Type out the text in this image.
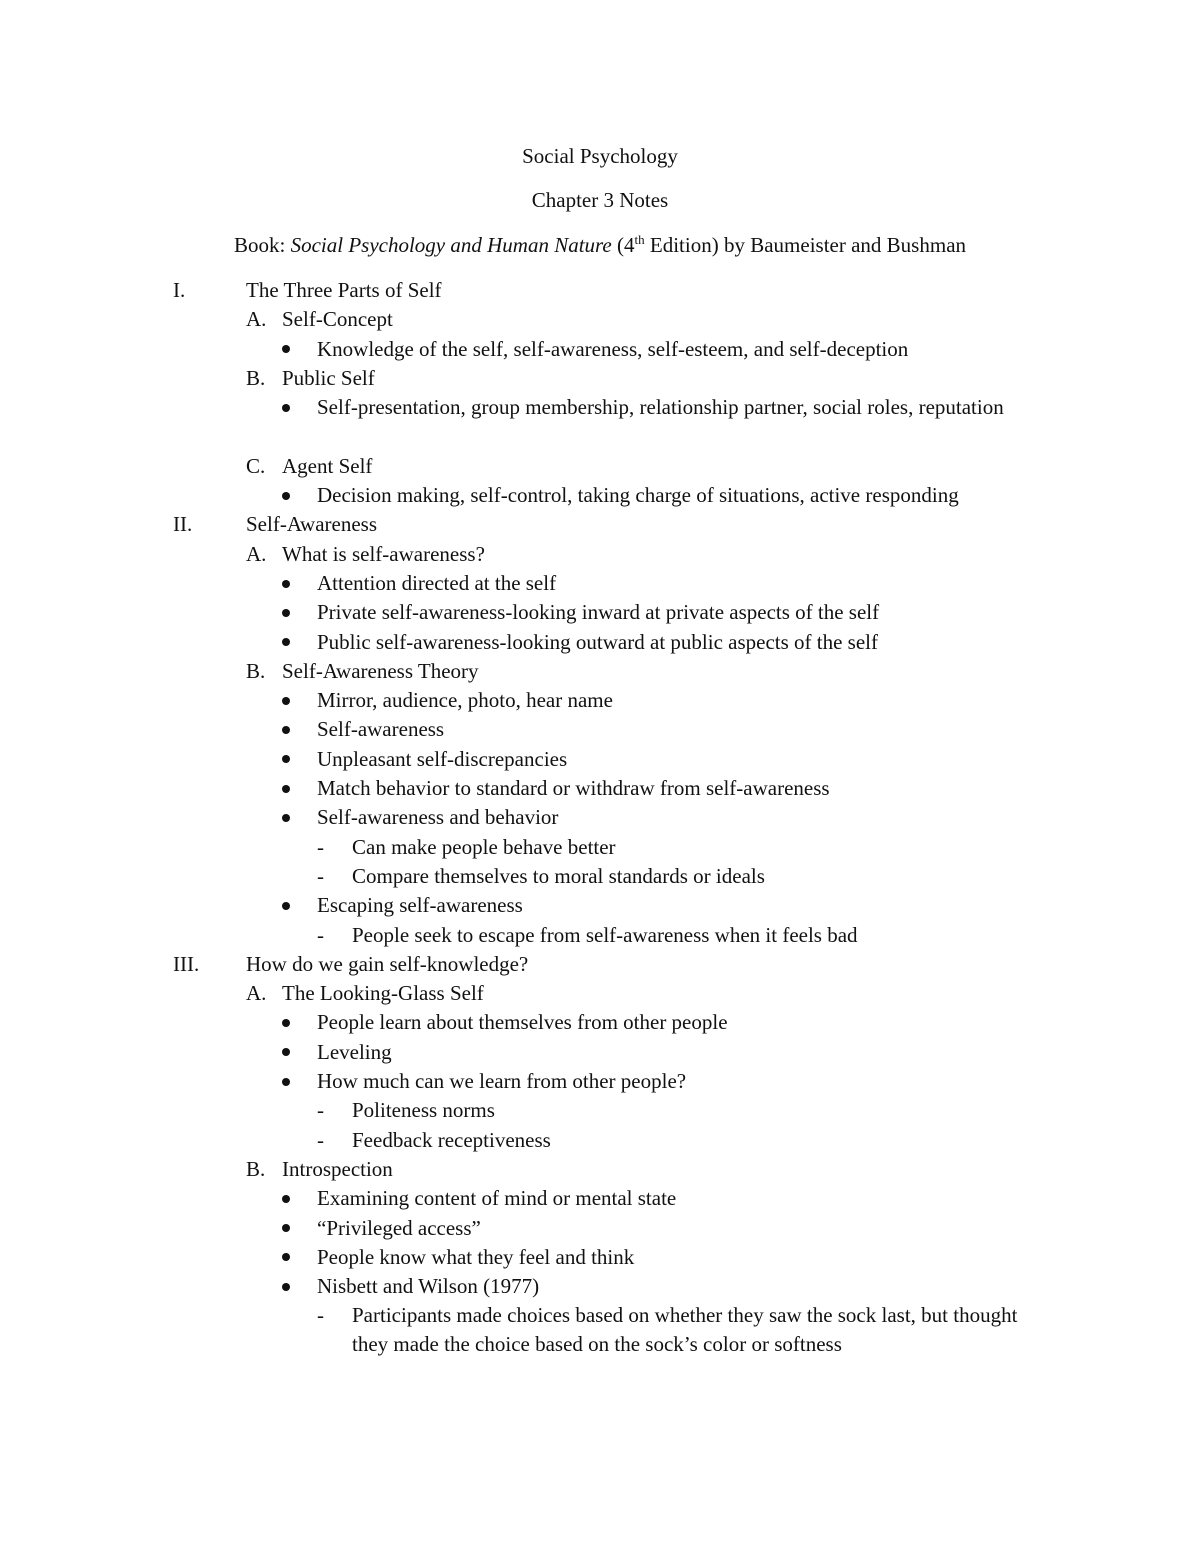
Social Psychology
Chapter 3 Notes
Book: Social Psychology and Human Nature (4th Edition) by Baumeister and Bushman
I.	The Three Parts of Self
A. Self-Concept
Knowledge of the self, self-awareness, self-esteem, and self-deception
B. Public Self
Self-presentation, group membership, relationship partner, social roles, reputation
C. Agent Self
Decision making, self-control, taking charge of situations, active responding
II.	Self-Awareness
A. What is self-awareness?
Attention directed at the self
Private self-awareness-looking inward at private aspects of the self
Public self-awareness-looking outward at public aspects of the self
B. Self-Awareness Theory
Mirror, audience, photo, hear name
Self-awareness
Unpleasant self-discrepancies
Match behavior to standard or withdraw from self-awareness
Self-awareness and behavior
- Can make people behave better
- Compare themselves to moral standards or ideals
Escaping self-awareness
- People seek to escape from self-awareness when it feels bad
III. How do we gain self-knowledge?
A. The Looking-Glass Self
People learn about themselves from other people
Leveling
How much can we learn from other people?
- Politeness norms
- Feedback receptiveness
B. Introspection
Examining content of mind or mental state
“Privileged access”
People know what they feel and think
Nisbett and Wilson (1977)
- Participants made choices based on whether they saw the sock last, but thought they made the choice based on the sock’s color or softness
